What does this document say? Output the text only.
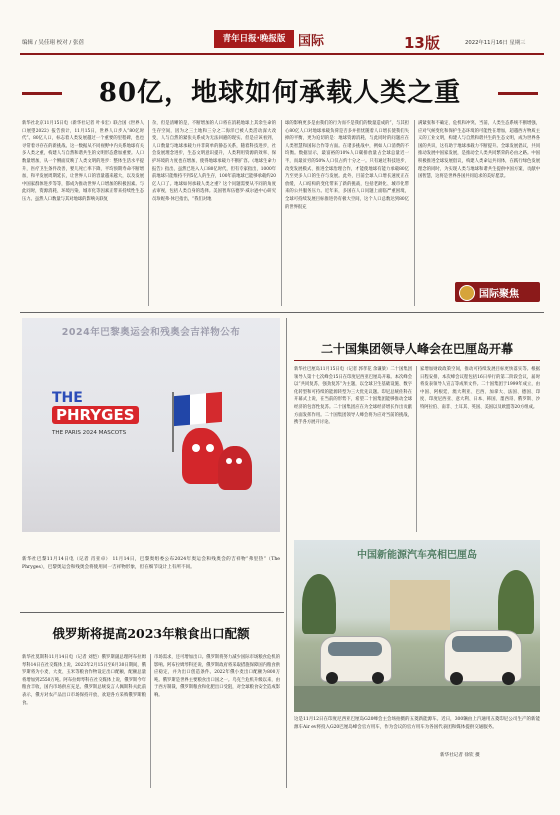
编辑 / 吴佳珝 校对 / 张蓓	青年日报·晚报版 国际	13版	2022年11月16日 星期三
80亿，地球如何承载人类之重
新华社北京11月15日电（新华社记者 叶书宏）联合国《世界人口展望2022》报告预计，11月15日，世界人口步入“80亿时代”。80亿人口，标志着人类发展越过一个重要的里程碑，也也寻常着寻存在的新挑战。这一数据从不同视野中内关系地球有关多人类之重，构建人与自然和谐共生的文明形态愈加重要。人口数量增加，从一个侧面反映了人类文明的进步：整体生活水平提升，医疗卫生条件改善，婴儿死亡率下降，平均预期寿命不断增加，和平发展周期延长，让世界人口的容量越来越大，以及发展中国家群体进步等等，都成为推动世界人口增加的积极因素。与此同时，资源消耗、环境污染、城市化等因素正带来持续性生态压力。虽然人口数量与其对地球的影响关联复
杂，但是清晰的是，不断增加的人口将在消耗地球上其余生命的生存空间，因为之三土地和三分之二海洋已被人类活动深大改变，人与自然的紧张关系成为无法回避的现实。但是应该看到，人口数量与地球承载力并非简单的静态关系，随着科技进步，社会发展理念进步，生态文明意识提升，人类利用资源的效率、保护环境的力度也在增加，使得地球承载力不断扩容。《地球生命力报告》指出，虽然已进入人口80亿时代，但有专家指出，1000年前地球只能维持不到5亿人的生存，100年前地球已能够承载约20亿人口了。地球如何承载人类之重？这个问题需要从不同的角度去审视，包括人类自身的选择。美国智库伍德罗·威尔逊中心研究员珍妮弗·休巴指出，“我们对地
球的影响更多是由我们的行为而不是我们的数量造成的”，与其担心80亿人口对地球承载负荷是否多并担忧随着人口增长使我们失掉的平衡，更为迫切的是：地球资源消耗，与此同时的问题应在人类智慧和国际合作等方面。在诸多挑战中，例如人口消费的不均衡。数据显示，最富裕的10%人口碳排放量占全球总量近一半，而最贫穷的50%人口仅占约十分之一。只有通过科技进步、改变发展模式、推进全球治理合作，才能使地球有能力承载80亿乃至更多人口的生存与发展。此外，目前全球人口增长速度正在放缓，人口结构的变化带来了新的挑战，包括老龄化、城市化带来的公共服务压力。近年来，多国在人口问题上面临严重困境，全球可持续发展目标推进仍有极大空间，这个人口总数达到80亿的世界很充
满紧张和不确定、危机和冲突。当前，人类生态系统不断增强，应对气候变化和保护生态环境的可能性在增加，超越西方物质主义的工业文明，构建人与自然和谐共生的生态文明，成为世界各国的共识，这有助于地球承载力不断提升。全球发展倡议，共同推动发展中国家发展，是推动全人类共同繁荣的必由之路。中国积极推进全球发展倡议，构建人类命运共同体，在践行绿色发展理念的同时，为实现人类与地球和谐共生提供中国方案、贡献中国智慧，这将是世界各国共同追求的美好愿景。
国际聚焦
2024年巴黎奥运会和残奥会吉祥物公布
THE
PHRYGES
THE PARIS 2024 MASCOTS
新华社巴黎11月14日电（记者 肖亚卓） 11月14日，巴黎奥组委公布2024年奥运会和残奥会的吉祥物“弗里热”（The Phryges），巴黎奥运会和残奥会将使用同一吉祥物形象，但在细节设计上有所不同。
二十国集团领导人峰会在巴厘岛开幕
新华社巴厘岛11月15日电（记者 郭孝花 余谦梁）二十国集团领导人第十七次峰会15日在印度尼西亚巴厘岛开幕。本次峰会以“共同复苏，强劲复苏”为主题，以全球卫生基础设施、数字化转型和可持续的能源转型为三大优先议题。印尼总统佐科在开幕式上说，在当前的形势下，希望二十国集团能够推动全球经济的包容性复苏。二十国集团应在为全球经济增长作出贡献方面发挥作用。二十国集团领导人峰会将为应对当前的挑战，携手各方展开讨论。
家增加财政政策空间，推动可持续发展目标更快落实等。根据日程安排，本次峰会议程包括16日举行的第二阶段会议，届时将发表领导人宣言等成果文件。二十国集团于1999年成立，由中国、阿根廷、澳大利亚、巴西、加拿大、法国、德国、印度、印度尼西亚、意大利、日本、韩国、墨西哥、俄罗斯、沙特阿拉伯、南非、土耳其、英国、美国以及欧盟等20方组成。
中国新能源汽车亮相巴厘岛
这是11月12日在印度尼西亚巴厘岛G20峰会主会场拍摄的五菱新能源车。近日，300辆由上汽通用五菱印尼公司生产的新能源车Air ev将投入G20巴厘岛峰会官方用车，作为会议的官方用车为各国代表团和媒体提供交通服务。
新华社记者 徐钦 摄
俄罗斯将提高2023年粮食出口配额
新华社莫斯科11月14日电（记者 刘恺）俄罗斯副总理阿布拉姆琴科14日在社交媒体上说，2023年2月15日至6月30日期间，俄罗斯将为小麦、大麦、玉米等粮食作物设定出口配额，配额总量将增加到2550万吨。阿布拉姆琴科在社交媒体上说，俄罗斯今年粮食丰收，国内市场供应充足。俄罗斯总统发言人佩斯科夫此前表示，俄方对农产品出口市场保持开放，欢迎各方采购俄罗斯粮食。
市场需求，还可增加出口。俄罗斯将努力减少国际市场粮食危机的影响。阿布拉姆琴科还说，俄罗斯政府将采取措施保障国内粮食供应稳定，并为出口创造条件。2022年俄小麦出口配额为800万吨。俄罗斯是世界主要粮食出口国之一。乌克兰危机升级以来，由于西方制裁，俄罗斯粮食和化肥出口受阻，对全球粮食安全造成影响。
